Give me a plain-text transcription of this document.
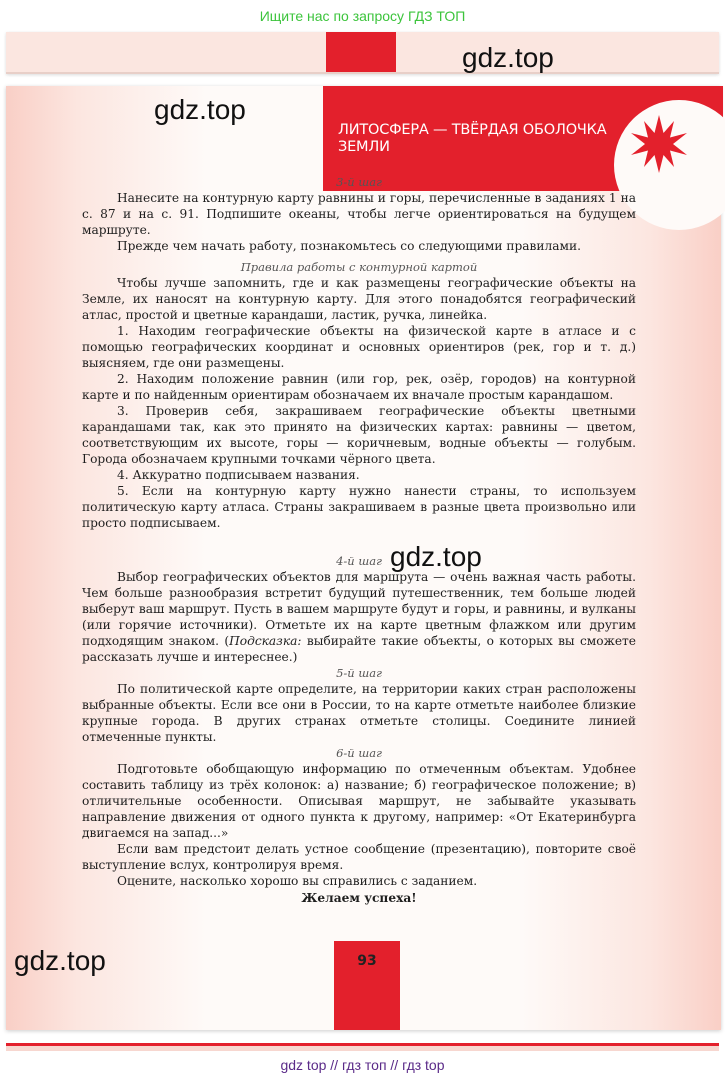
Ищите нас по запросу ГДЗ ТОП
ЛИТОСФЕРА — ТВЁРДАЯ ОБОЛОЧКА ЗЕМЛИ
gdz.top
gdz.top
3-й шаг

Нанесите на контурную карту равнины и горы, перечисленные в заданиях 1 на с. 87 и на с. 91. Подпишите океаны, чтобы легче ориентироваться на будущем маршруте.

Прежде чем начать работу, познакомьтесь со следующими правилами.

Правила работы с контурной картой

Чтобы лучше запомнить, где и как размещены географические объекты на Земле, их наносят на контурную карту. Для этого понадобятся географический атлас, простой и цветные карандаши, ластик, ручка, линейка.

1. Находим географические объекты на физической карте в атласе и с помощью географических координат и основных ориентиров (рек, гор и т. д.) выясняем, где они размещены.

2. Находим положение равнин (или гор, рек, озёр, городов) на контурной карте и по найденным ориентирам обозначаем их вначале простым карандашом.

3. Проверив себя, закрашиваем географические объекты цветными карандашами так, как это принято на физических картах: равнины — цветом, соответствующим их высоте, горы — коричневым, водные объекты — голубым. Города обозначаем крупными точками чёрного цвета.

4. Аккуратно подписываем названия.

5. Если на контурную карту нужно нанести страны, то используем политическую карту атласа. Страны закрашиваем в разные цвета произвольно или просто подписываем.

4-й шаг

Выбор географических объектов для маршрута — очень важная часть работы. Чем больше разнообразия встретит будущий путешественник, тем больше людей выберут ваш маршрут. Пусть в вашем маршруте будут и горы, и равнины, и вулканы (или горячие источники). Отметьте их на карте цветным флажком или другим подходящим знаком. (Подсказка: выбирайте такие объекты, о которых вы сможете рассказать лучше и интереснее.)

5-й шаг

По политической карте определите, на территории каких стран расположены выбранные объекты. Если все они в России, то на карте отметьте наиболее близкие крупные города. В других странах отметьте столицы. Соедините линией отмеченные пункты.

6-й шаг

Подготовьте обобщающую информацию по отмеченным объектам. Удобнее составить таблицу из трёх колонок: а) название; б) географическое положение; в) отличительные особенности. Описывая маршрут, не забывайте указывать направление движения от одного пункта к другому, например: «От Екатеринбурга двигаемся на запад...»

Если вам предстоит делать устное сообщение (презентацию), повторите своё выступление вслух, контролируя время.

Оцените, насколько хорошо вы справились с заданием.

Желаем успеха!
gdz.top
gdz.top	93
gdz top // гдз топ // гдз top
